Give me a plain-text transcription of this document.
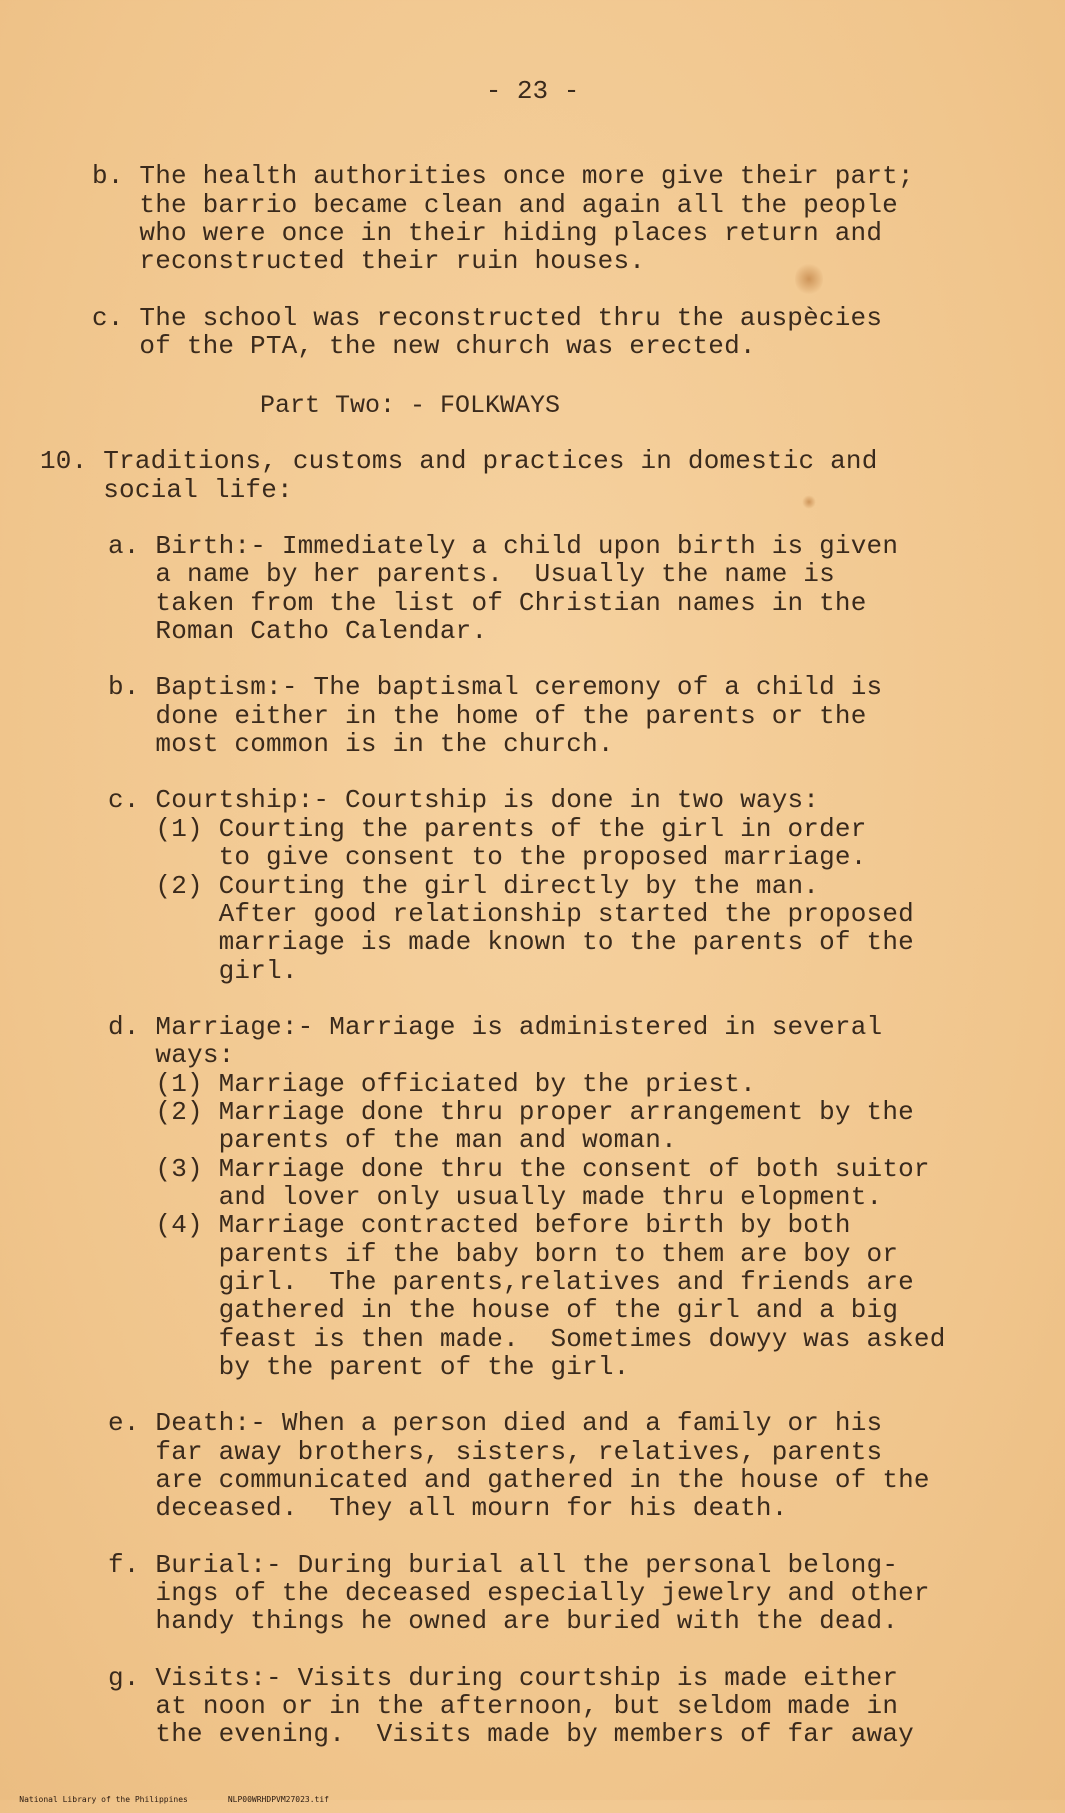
- 23 -
b. The health authorities once more give their part;
the barrio became clean and again all the people
who were once in their hiding places return and
reconstructed their ruin houses.
c. The school was reconstructed thru the auspècies
of the PTA, the new church was erected.
Part Two: - FOLKWAYS
10. Traditions, customs and practices in domestic and
social life:
a. Birth:- Immediately a child upon birth is given
a name by her parents.  Usually the name is
taken from the list of Christian names in the
Roman Catho Calendar.
b. Baptism:- The baptismal ceremony of a child is
done either in the home of the parents or the
most common is in the church.
c. Courtship:- Courtship is done in two ways:
(1) Courting the parents of the girl in order
to give consent to the proposed marriage.
(2) Courting the girl directly by the man.
After good relationship started the proposed
marriage is made known to the parents of the
girl.
d. Marriage:- Marriage is administered in several
ways:
(1) Marriage officiated by the priest.
(2) Marriage done thru proper arrangement by the
parents of the man and woman.
(3) Marriage done thru the consent of both suitor
and lover only usually made thru elopment.
(4) Marriage contracted before birth by both
parents if the baby born to them are boy or
girl.  The parents,relatives and friends are
gathered in the house of the girl and a big
feast is then made.  Sometimes dowyy was asked
by the parent of the girl.
e. Death:- When a person died and a family or his
far away brothers, sisters, relatives, parents
are communicated and gathered in the house of the
deceased.  They all mourn for his death.
f. Burial:- During burial all the personal belong-
ings of the deceased especially jewelry and other
handy things he owned are buried with the dead.
g. Visits:- Visits during courtship is made either
at noon or in the afternoon, but seldom made in
the evening.  Visits made by members of far away

National Library of the Philippines	NLP00WRHDPVM27023.tif
